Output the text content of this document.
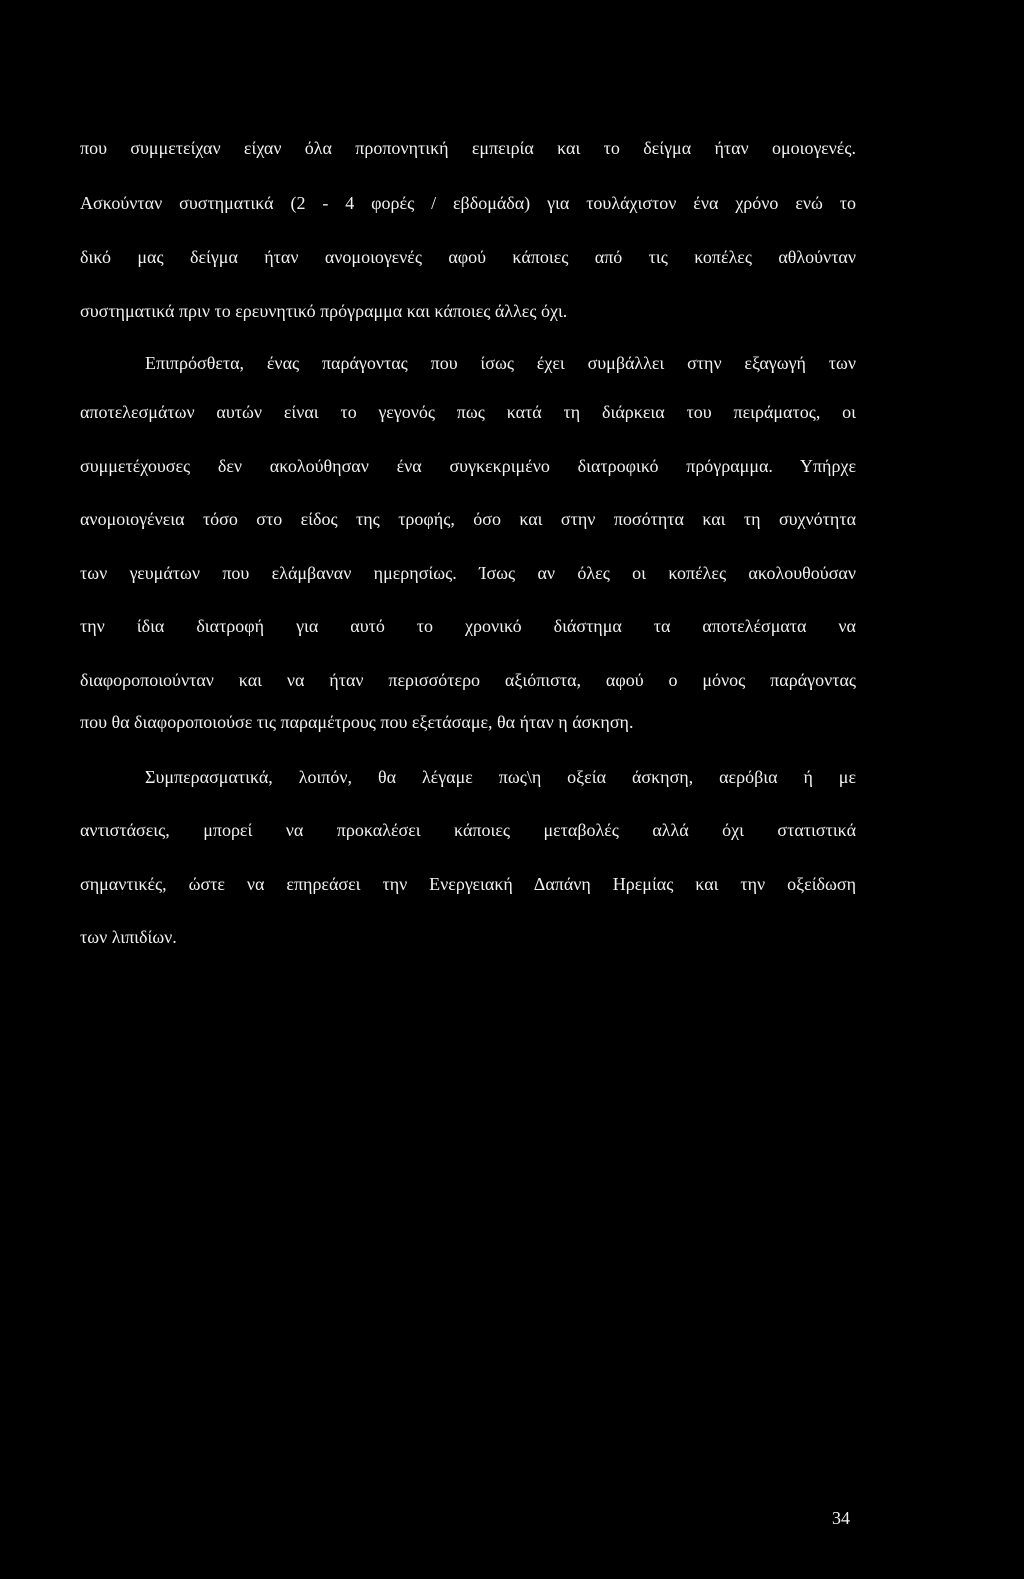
που συμμετείχαν είχαν όλα προπονητική εμπειρία και το δείγμα ήταν ομοιογενές.
Ασκούνταν συστηματικά (2 - 4 φορές / εβδομάδα) για τουλάχιστον ένα χρόνο ενώ το
δικό μας δείγμα ήταν ανομοιογενές αφού κάποιες από τις κοπέλες αθλούνταν
συστηματικά πριν το ερευνητικό πρόγραμμα και κάποιες άλλες όχι.
Επιπρόσθετα, ένας παράγοντας που ίσως έχει συμβάλλει στην εξαγωγή των
αποτελεσμάτων αυτών είναι το γεγονός πως κατά τη διάρκεια του πειράματος, οι
συμμετέχουσες δεν ακολούθησαν ένα συγκεκριμένο διατροφικό πρόγραμμα. Υπήρχε
ανομοιογένεια τόσο στο είδος της τροφής, όσο και στην ποσότητα και τη συχνότητα
των γευμάτων που ελάμβαναν ημερησίως. Ίσως αν όλες οι κοπέλες ακολουθούσαν
την ίδια διατροφή για αυτό το χρονικό διάστημα τα αποτελέσματα να
διαφοροποιούνταν και να ήταν περισσότερο αξιόπιστα, αφού ο μόνος παράγοντας
που θα διαφοροποιούσε τις παραμέτρους που εξετάσαμε, θα ήταν η άσκηση.
Συμπερασματικά, λοιπόν, θα λέγαμε πως\η οξεία άσκηση, αερόβια ή με
αντιστάσεις, μπορεί να προκαλέσει κάποιες μεταβολές αλλά όχι στατιστικά
σημαντικές, ώστε να επηρεάσει την Ενεργειακή Δαπάνη Ηρεμίας και την οξείδωση
των λιπιδίων.
34
